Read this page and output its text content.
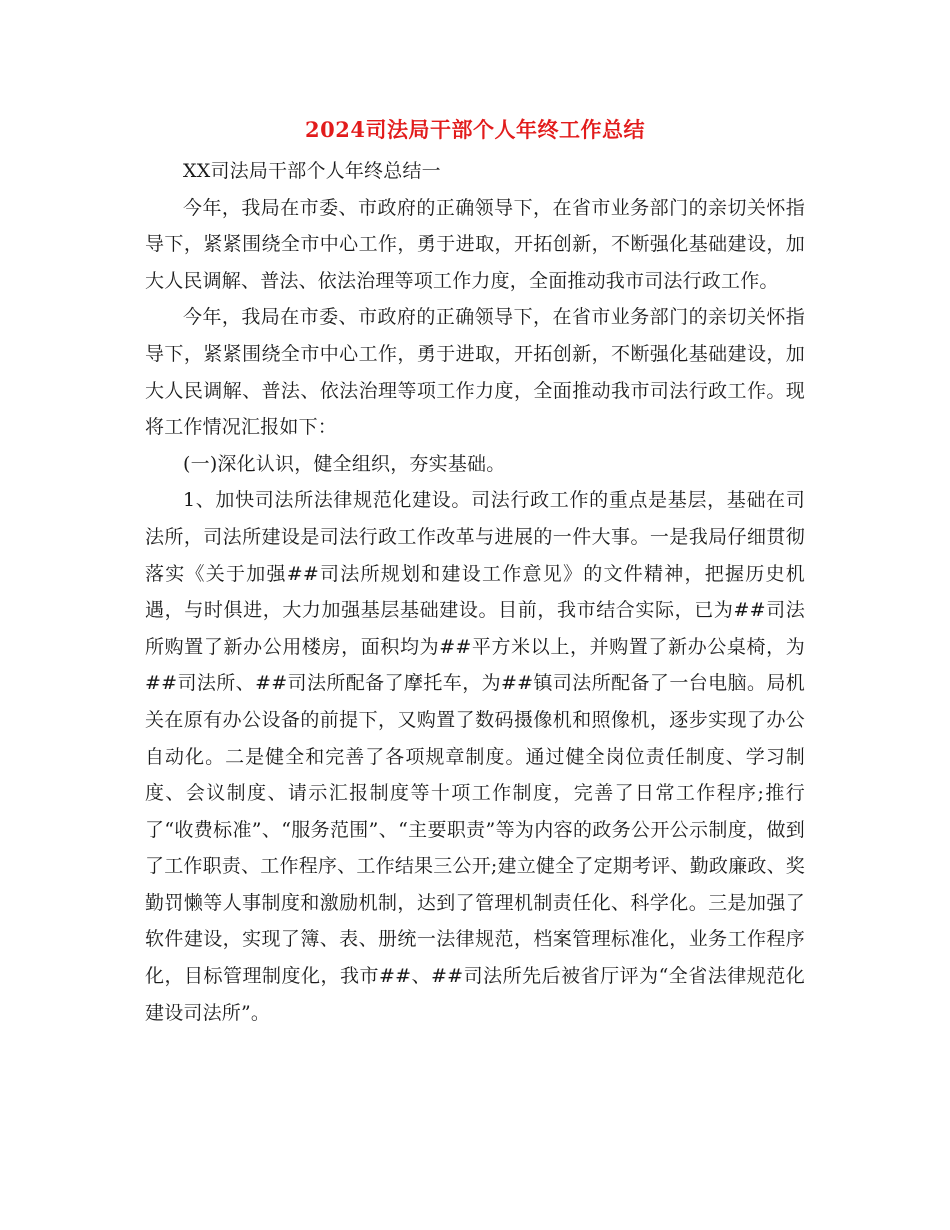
2024司法局干部个人年终工作总结

XX司法局干部个人年终总结一

今年，我局在市委、市政府的正确领导下，在省市业务部门的亲切关怀指导下，紧紧围绕全市中心工作，勇于进取，开拓创新，不断强化基础建设，加大人民调解、普法、依法治理等项工作力度，全面推动我市司法行政工作。

今年，我局在市委、市政府的正确领导下，在省市业务部门的亲切关怀指导下，紧紧围绕全市中心工作，勇于进取，开拓创新，不断强化基础建设，加大人民调解、普法、依法治理等项工作力度，全面推动我市司法行政工作。现将工作情况汇报如下：

(一)深化认识，健全组织，夯实基础。

1、加快司法所法律规范化建设。司法行政工作的重点是基层，基础在司法所，司法所建设是司法行政工作改革与进展的一件大事。一是我局仔细贯彻落实《关于加强##司法所规划和建设工作意见》的文件精神，把握历史机遇，与时俱进，大力加强基层基础建设。目前，我市结合实际，已为##司法所购置了新办公用楼房，面积均为##平方米以上，并购置了新办公桌椅，为##司法所、##司法所配备了摩托车，为##镇司法所配备了一台电脑。局机关在原有办公设备的前提下，又购置了数码摄像机和照像机，逐步实现了办公自动化。二是健全和完善了各项规章制度。通过健全岗位责任制度、学习制度、会议制度、请示汇报制度等十项工作制度，完善了日常工作程序;推行了“收费标准”、“服务范围”、“主要职责”等为内容的政务公开公示制度，做到了工作职责、工作程序、工作结果三公开;建立健全了定期考评、勤政廉政、奖勤罚懒等人事制度和激励机制，达到了管理机制责任化、科学化。三是加强了软件建设，实现了簿、表、册统一法律规范，档案管理标准化，业务工作程序化，目标管理制度化，我市##、##司法所先后被省厅评为“全省法律规范化建设司法所”。
